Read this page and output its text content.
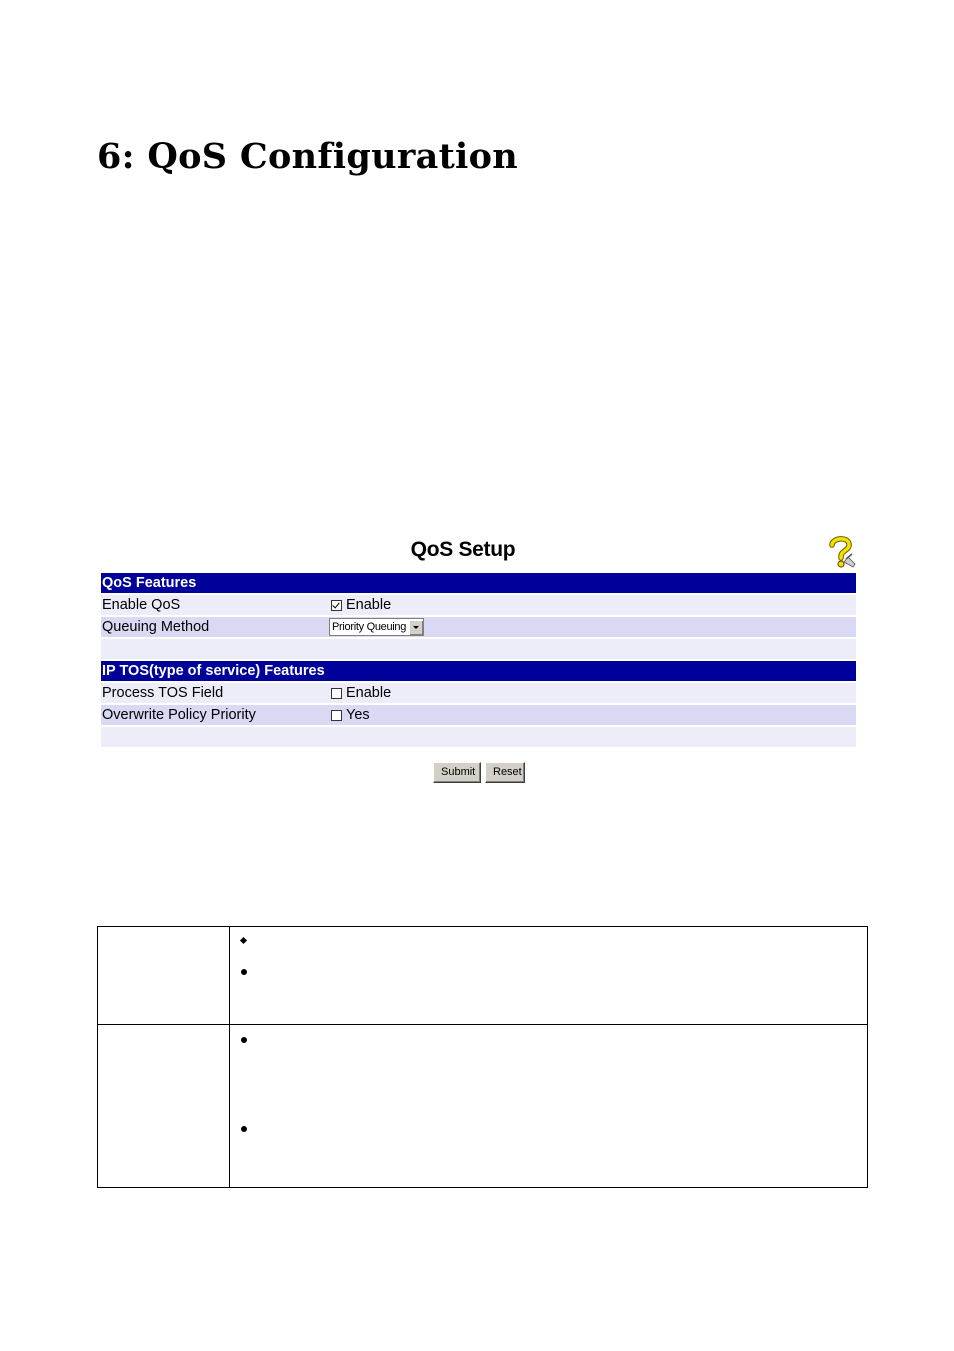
6: QoS Configuration
QoS Setup
QoS Features
Enable QoS	Enable
Queuing Method	Priority Queuing
IP TOS(type of service) Features
Process TOS Field	Enable
Overwrite Policy Priority	Yes
Submit	Reset
